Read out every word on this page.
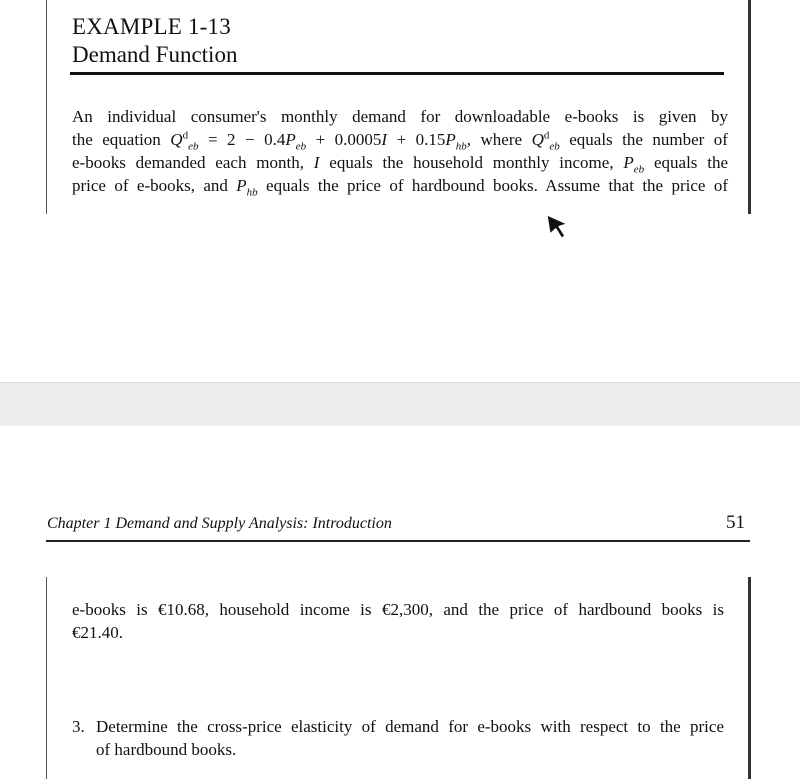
EXAMPLE 1-13
Demand Function
An individual consumer's monthly demand for downloadable e-books is given by
the equation $Q^d_{eb} = 2 - 0.4P_{eb} + 0.0005I + 0.15P_{hb}$, where $Q^d_{eb}$ equals the number of
e-books demanded each month, I equals the household monthly income, $P_{eb}$ equals the
price of e-books, and $P_{hb}$ equals the price of hardbound books. Assume that the price of
Chapter 1 Demand and Supply Analysis: Introduction	51
e-books is €10.68, household income is €2,300, and the price of hardbound books is
€21.40.
3. Determine the cross-price elasticity of demand for e-books with respect to the price
of hardbound books.
